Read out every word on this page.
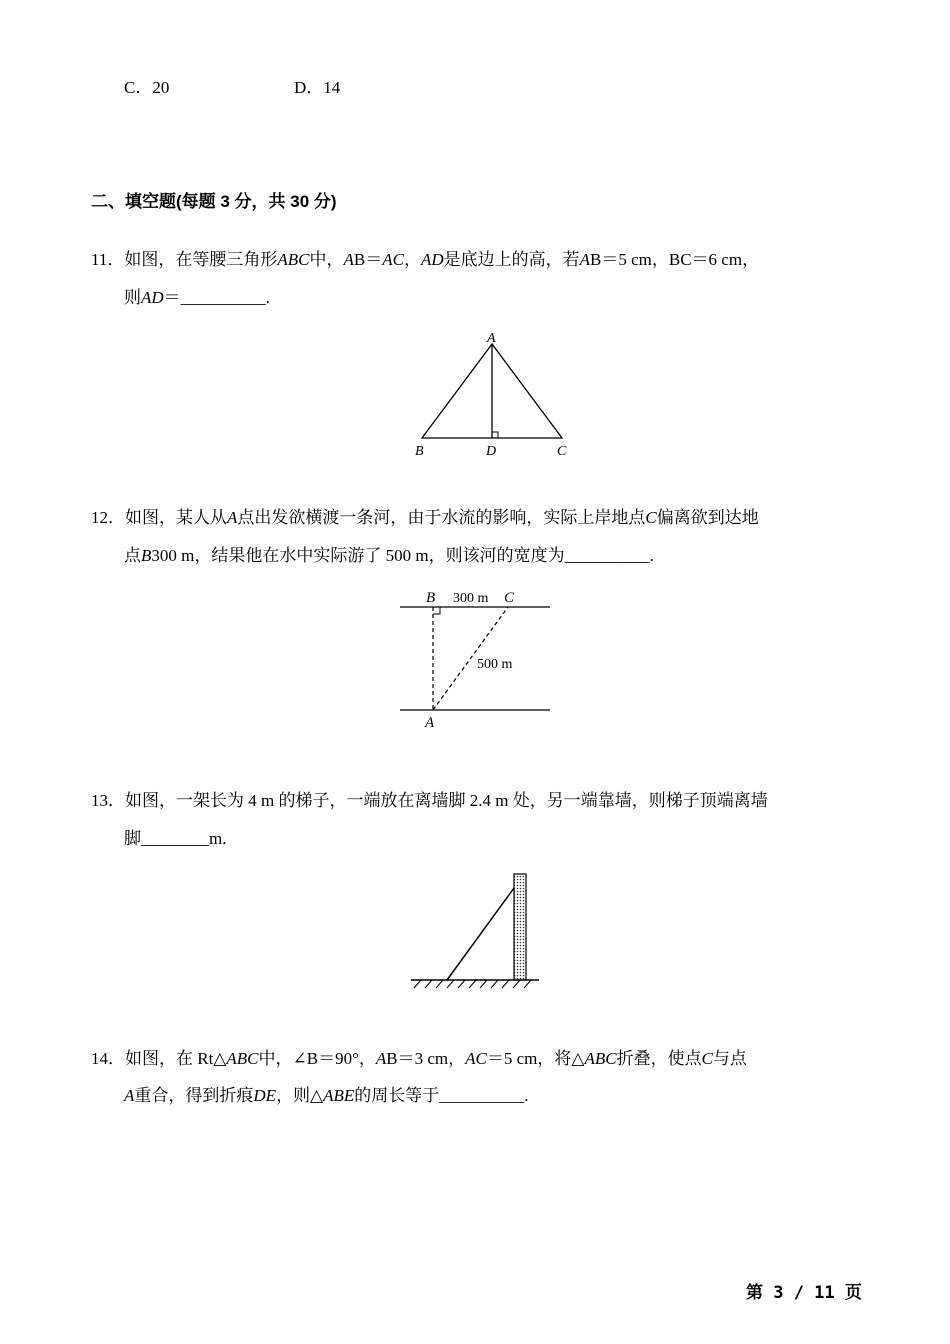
C．20	D．14
二、填空题(每题 3 分，共 30 分)
11．如图，在等腰三角形ABC中，AB＝AC，AD是底边上的高，若AB＝5 cm，BC＝6 cm，
则AD＝__________.
A
B	D	C
12．如图，某人从A点出发欲横渡一条河，由于水流的影响，实际上岸地点C偏离欲到达地
点B300 m，结果他在水中实际游了 500 m，则该河的宽度为__________.
B 300 m C
500 m
A
13．如图，一架长为 4 m 的梯子，一端放在离墙脚 2.4 m 处，另一端靠墙，则梯子顶端离墙
脚________m.
14．如图，在 Rt△ABC中，∠B＝90°，AB＝3 cm，AC＝5 cm，将△ABC折叠，使点C与点
A重合，得到折痕DE，则△ABE的周长等于__________.
第 3 / 11 页
